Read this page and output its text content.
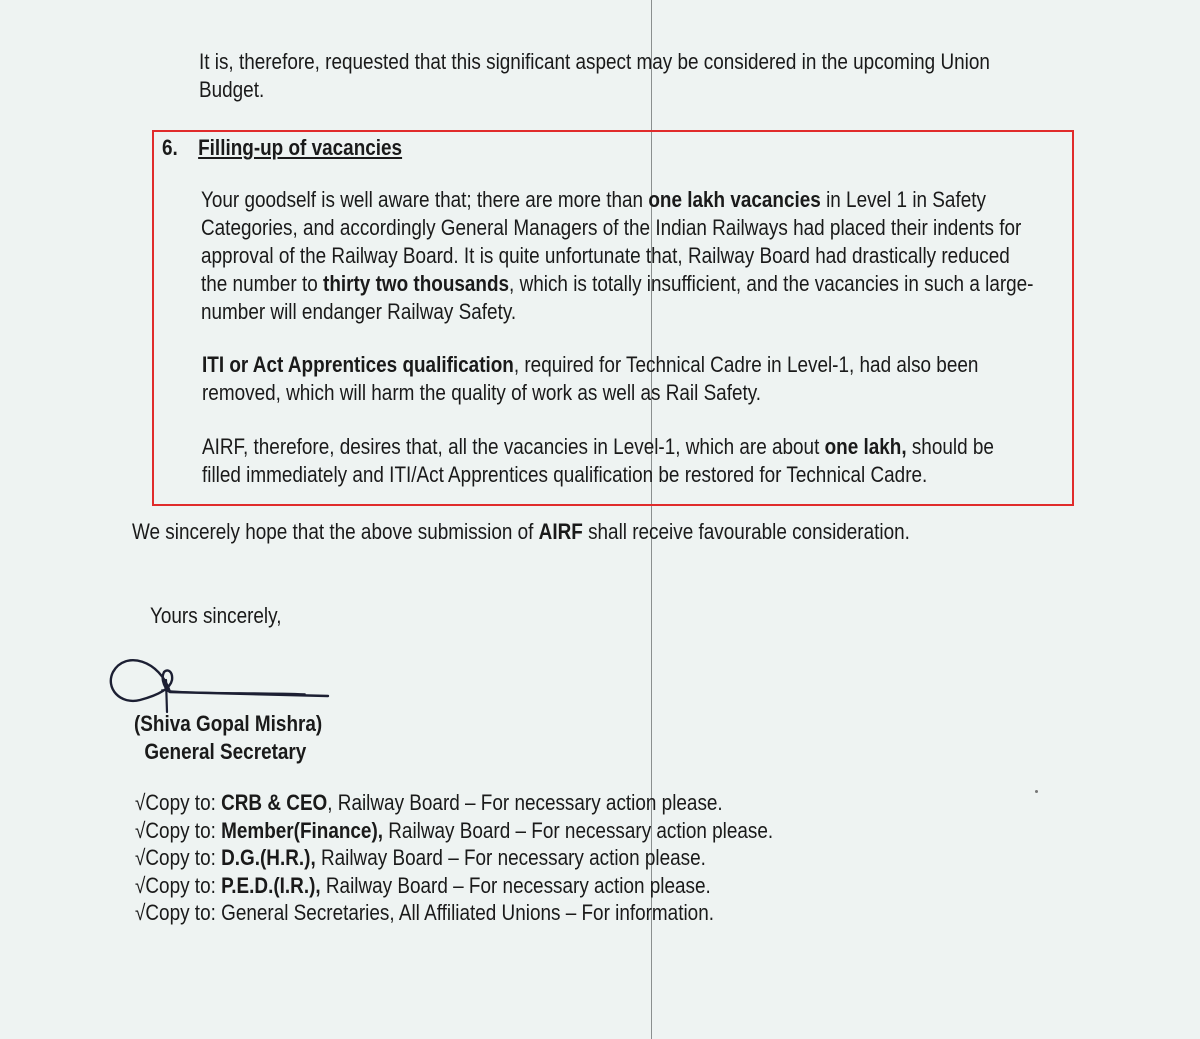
It is, therefore, requested that this significant aspect may be considered in the upcoming Union Budget.
6. Filling-up of vacancies
Your goodself is well aware that; there are more than one lakh vacancies in Level 1 in Safety Categories, and accordingly General Managers of the Indian Railways had placed their indents for approval of the Railway Board. It is quite unfortunate that, Railway Board had drastically reduced the number to thirty two thousands, which is totally insufficient, and the vacancies in such a large-number will endanger Railway Safety.
ITI or Act Apprentices qualification, required for Technical Cadre in Level-1, had also been removed, which will harm the quality of work as well as Rail Safety.
AIRF, therefore, desires that, all the vacancies in Level-1, which are about one lakh, should be filled immediately and ITI/Act Apprentices qualification be restored for Technical Cadre.
We sincerely hope that the above submission of AIRF shall receive favourable consideration.
Yours sincerely,
(Shiva Gopal Mishra)
General Secretary
√Copy to: CRB & CEO, Railway Board – For necessary action please.
√Copy to: Member(Finance), Railway Board – For necessary action please.
√Copy to: D.G.(H.R.), Railway Board – For necessary action please.
√Copy to: P.E.D.(I.R.), Railway Board – For necessary action please.
√Copy to: General Secretaries, All Affiliated Unions – For information.
